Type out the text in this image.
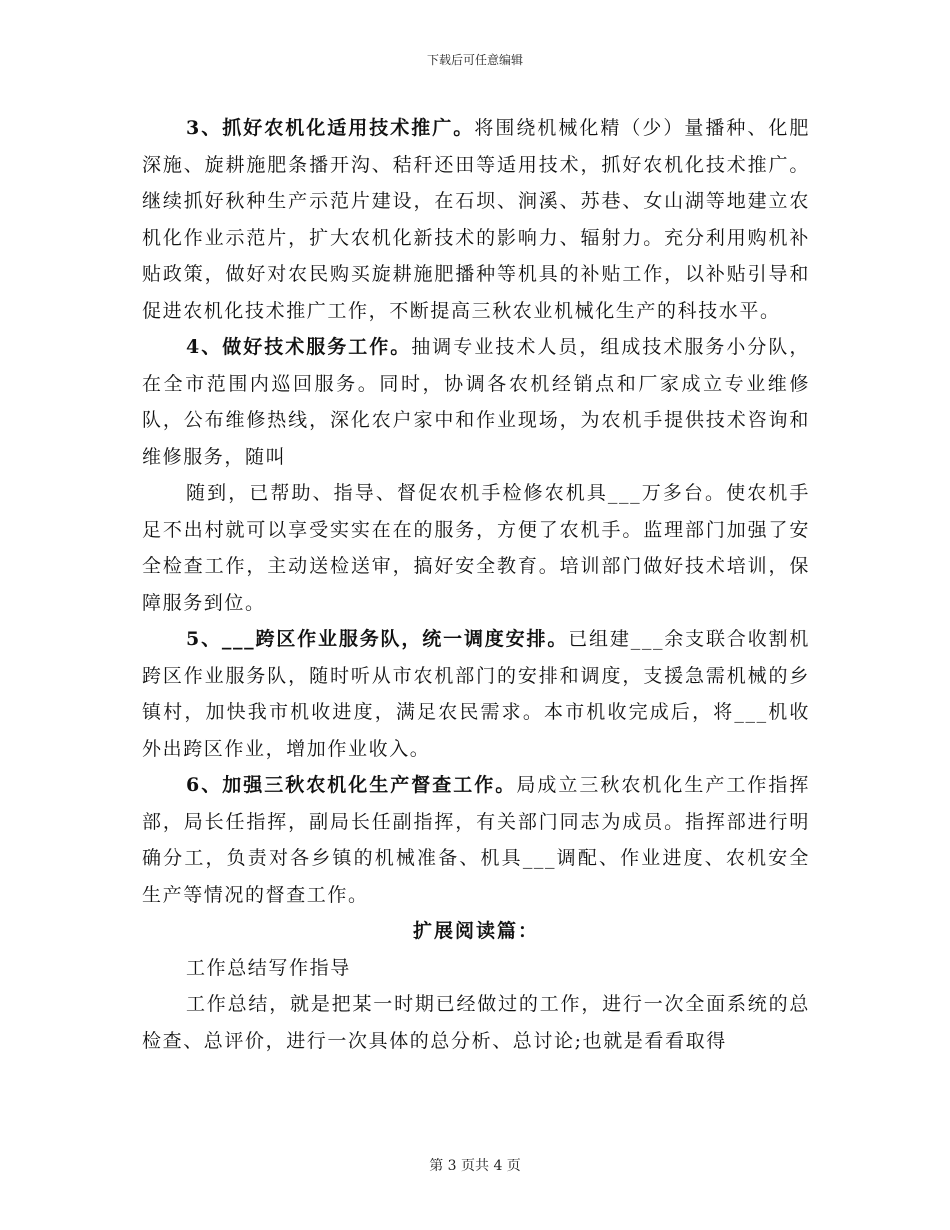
下载后可任意编辑

3、抓好农机化适用技术推广。将围绕机械化精（少）量播种、化肥深施、旋耕施肥条播开沟、秸秆还田等适用技术，抓好农机化技术推广。继续抓好秋种生产示范片建设，在石坝、涧溪、苏巷、女山湖等地建立农机化作业示范片，扩大农机化新技术的影响力、辐射力。充分利用购机补贴政策，做好对农民购买旋耕施肥播种等机具的补贴工作，以补贴引导和促进农机化技术推广工作，不断提高三秋农业机械化生产的科技水平。

4、做好技术服务工作。抽调专业技术人员，组成技术服务小分队，在全市范围内巡回服务。同时，协调各农机经销点和厂家成立专业维修队，公布维修热线，深化农户家中和作业现场，为农机手提供技术咨询和维修服务，随叫

随到，已帮助、指导、督促农机手检修农机具___万多台。使农机手足不出村就可以享受实实在在的服务，方便了农机手。监理部门加强了安全检查工作，主动送检送审，搞好安全教育。培训部门做好技术培训，保障服务到位。

5、___跨区作业服务队，统一调度安排。已组建___余支联合收割机跨区作业服务队，随时听从市农机部门的安排和调度，支援急需机械的乡镇村，加快我市机收进度，满足农民需求。本市机收完成后，将___机收外出跨区作业，增加作业收入。

6、加强三秋农机化生产督查工作。局成立三秋农机化生产工作指挥部，局长任指挥，副局长任副指挥，有关部门同志为成员。指挥部进行明确分工，负责对各乡镇的机械准备、机具___调配、作业进度、农机安全生产等情况的督查工作。

扩展阅读篇：

工作总结写作指导

工作总结，就是把某一时期已经做过的工作，进行一次全面系统的总检查、总评价，进行一次具体的总分析、总讨论;也就是看看取得

第 3 页共 4 页
